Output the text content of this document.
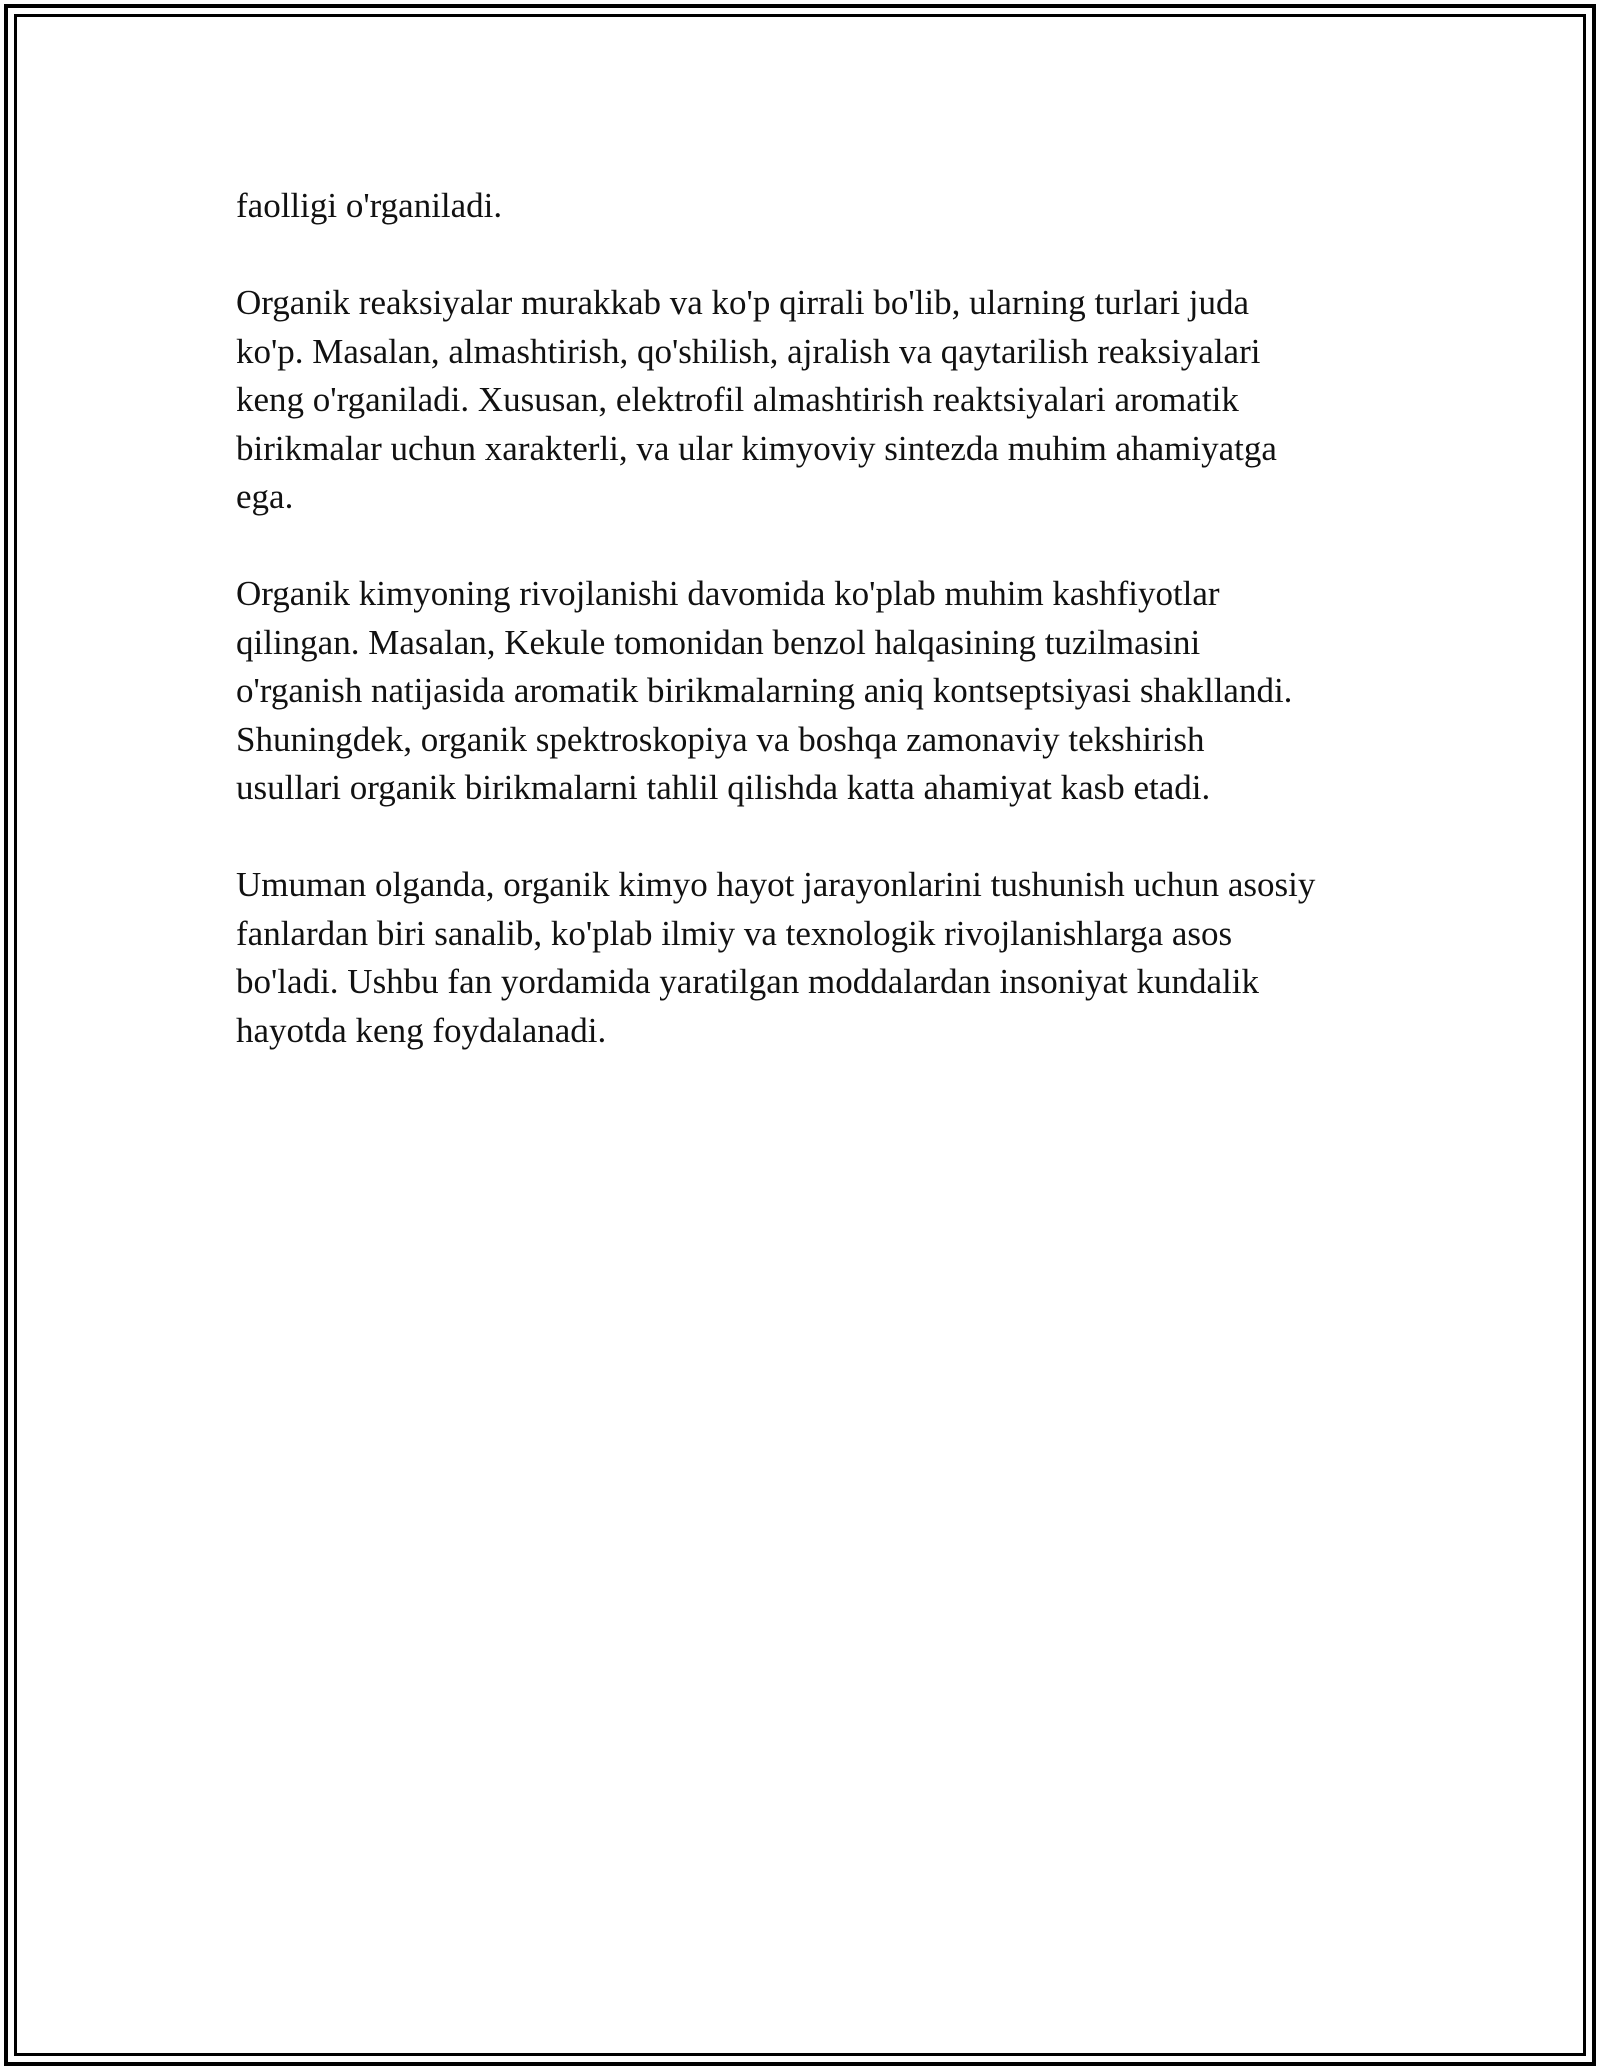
faolligi o'rganiladi.

Organik reaksiyalar murakkab va ko'p qirrali bo'lib, ularning turlari juda
ko'p. Masalan, almashtirish, qo'shilish, ajralish va qaytarilish reaksiyalari
keng o'rganiladi. Xususan, elektrofil almashtirish reaktsiyalari aromatik
birikmalar uchun xarakterli, va ular kimyoviy sintezda muhim ahamiyatga
ega.

Organik kimyoning rivojlanishi davomida ko'plab muhim kashfiyotlar
qilingan. Masalan, Kekule tomonidan benzol halqasining tuzilmasini
o'rganish natijasida aromatik birikmalarning aniq kontseptsiyasi shakllandi.
Shuningdek, organik spektroskopiya va boshqa zamonaviy tekshirish
usullari organik birikmalarni tahlil qilishda katta ahamiyat kasb etadi.

Umuman olganda, organik kimyo hayot jarayonlarini tushunish uchun asosiy
fanlardan biri sanalib, ko'plab ilmiy va texnologik rivojlanishlarga asos
bo'ladi. Ushbu fan yordamida yaratilgan moddalardan insoniyat kundalik
hayotda keng foydalanadi.
